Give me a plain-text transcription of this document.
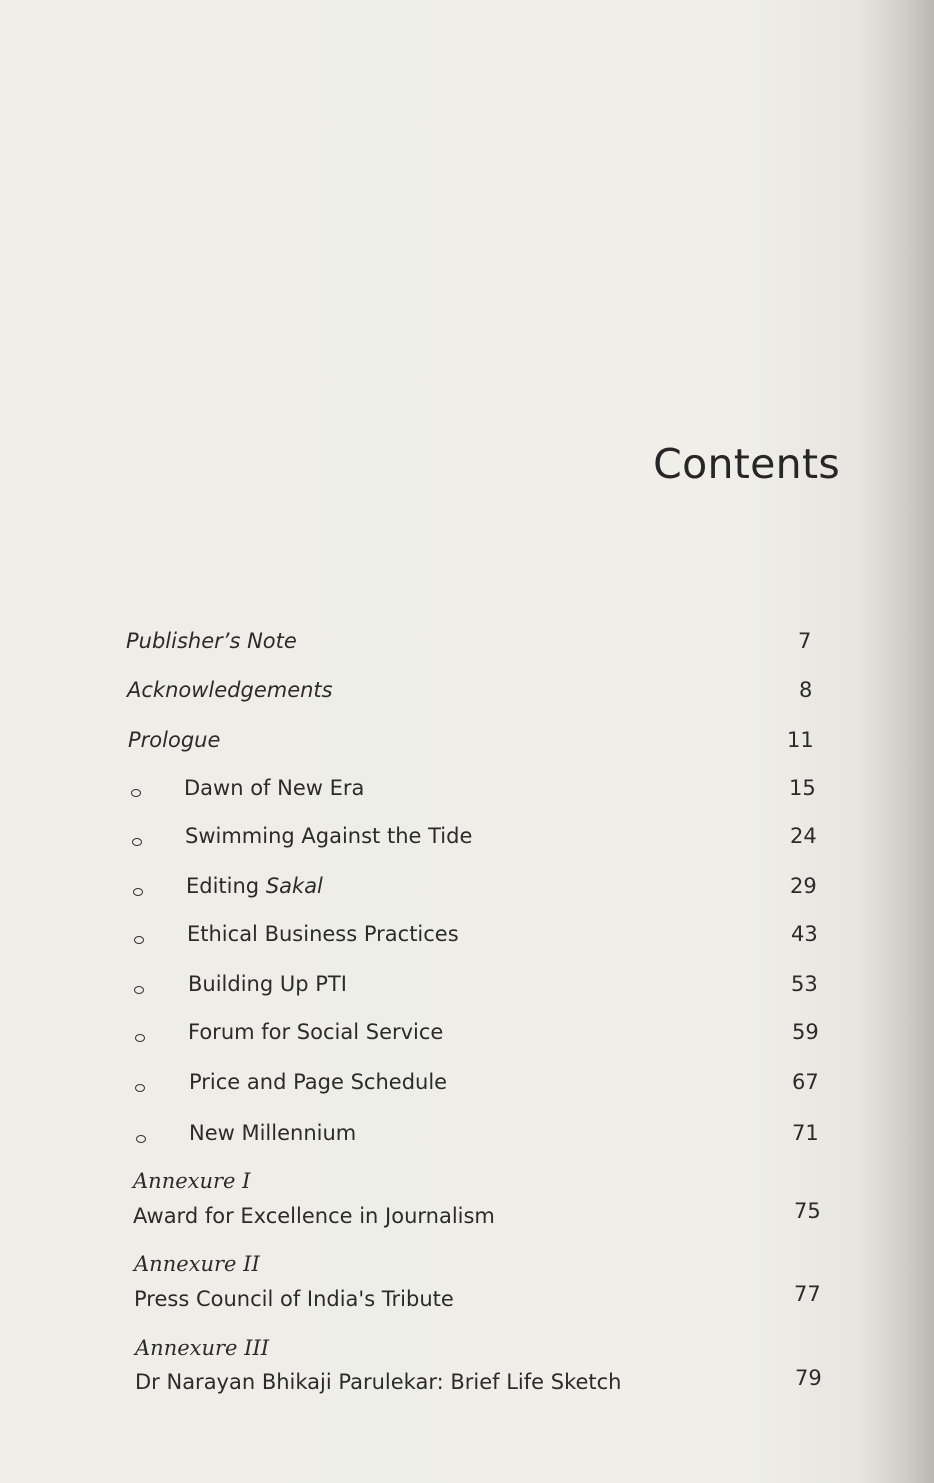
Contents
Publisher’s Note	7
Acknowledgements	8
Prologue	11
Dawn of New Era	15
Swimming Against the Tide	24
Editing Sakal	29
Ethical Business Practices	43
Building Up PTI	53
Forum for Social Service	59
Price and Page Schedule	67
New Millennium	71
Annexure I
Award for Excellence in Journalism	75
Annexure II
Press Council of India's Tribute	77
Annexure III
Dr Narayan Bhikaji Parulekar: Brief Life Sketch	79
